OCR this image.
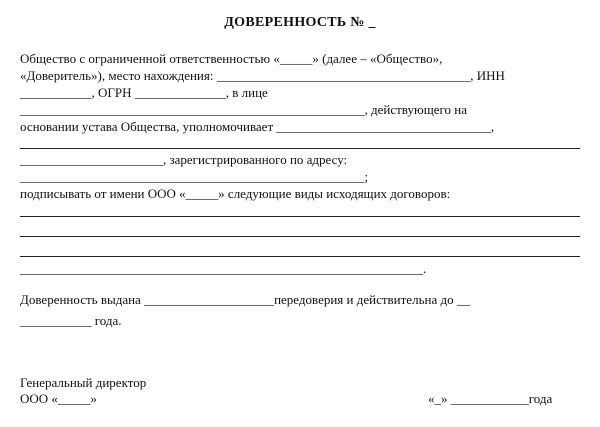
ДОВЕРЕННОСТЬ № _
Общество с ограниченной ответственностью «_____» (далее – «Общество»,
«Доверитель»), место нахождения: _______________________________________, ИНН
___________, ОГРН ______________, в лице
_____________________________________________________, действующего на
основании устава Общества, уполномочивает _________________________________,
______________________, зарегистрированного по адресу:
_____________________________________________________;
подписывать от имени ООО «_____» следующие виды исходящих договоров:
______________________________________________________________.
Доверенность выдана ____________________передоверия и действительна до __
___________ года.
Генеральный директор
ООО «_____»	«_» ____________года
